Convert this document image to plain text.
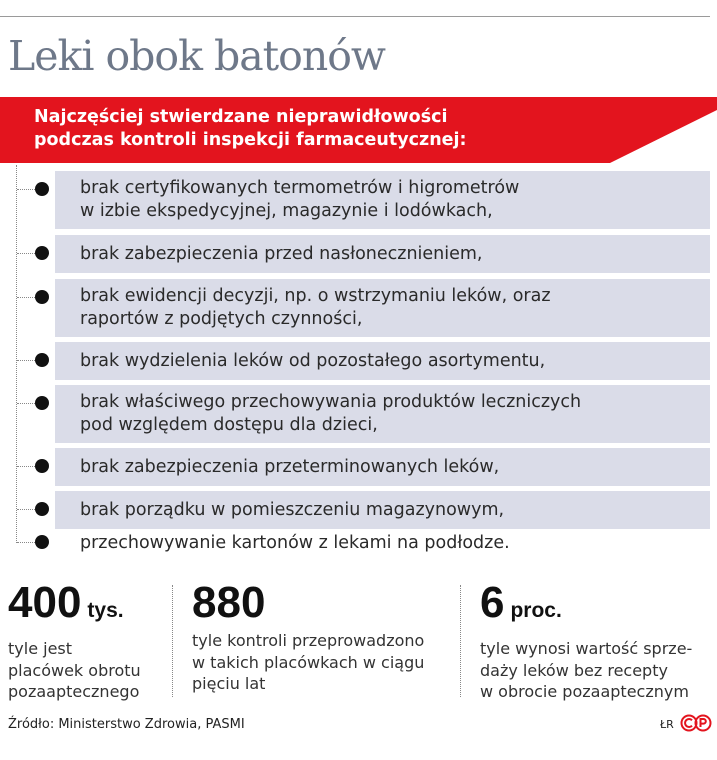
Leki obok batonów
Najczęściej stwierdzane nieprawidłowości
podczas kontroli inspekcji farmaceutycznej:
brak certyfikowanych termometrów i higrometrów
w izbie ekspedycyjnej, magazynie i lodówkach,
brak zabezpieczenia przed nasłonecznieniem,
brak ewidencji decyzji, np. o wstrzymaniu leków, oraz
raportów z podjętych czynności,
brak wydzielenia leków od pozostałego asortymentu,
brak właściwego przechowywania produktów leczniczych
pod względem dostępu dla dzieci,
brak zabezpieczenia przeterminowanych leków,
brak porządku w pomieszczeniu magazynowym,
przechowywanie kartonów z lekami na podłodze.
400 tys.
tyle jest
placówek obrotu
pozaaptecznego
880
tyle kontroli przeprowadzono
w takich placówkach w ciągu
pięciu lat
6 proc.
tyle wynosi wartość sprze-
daży leków bez recepty
w obrocie pozaaptecznym
Źródło: Ministerstwo Zdrowia, PASMI	ŁR
